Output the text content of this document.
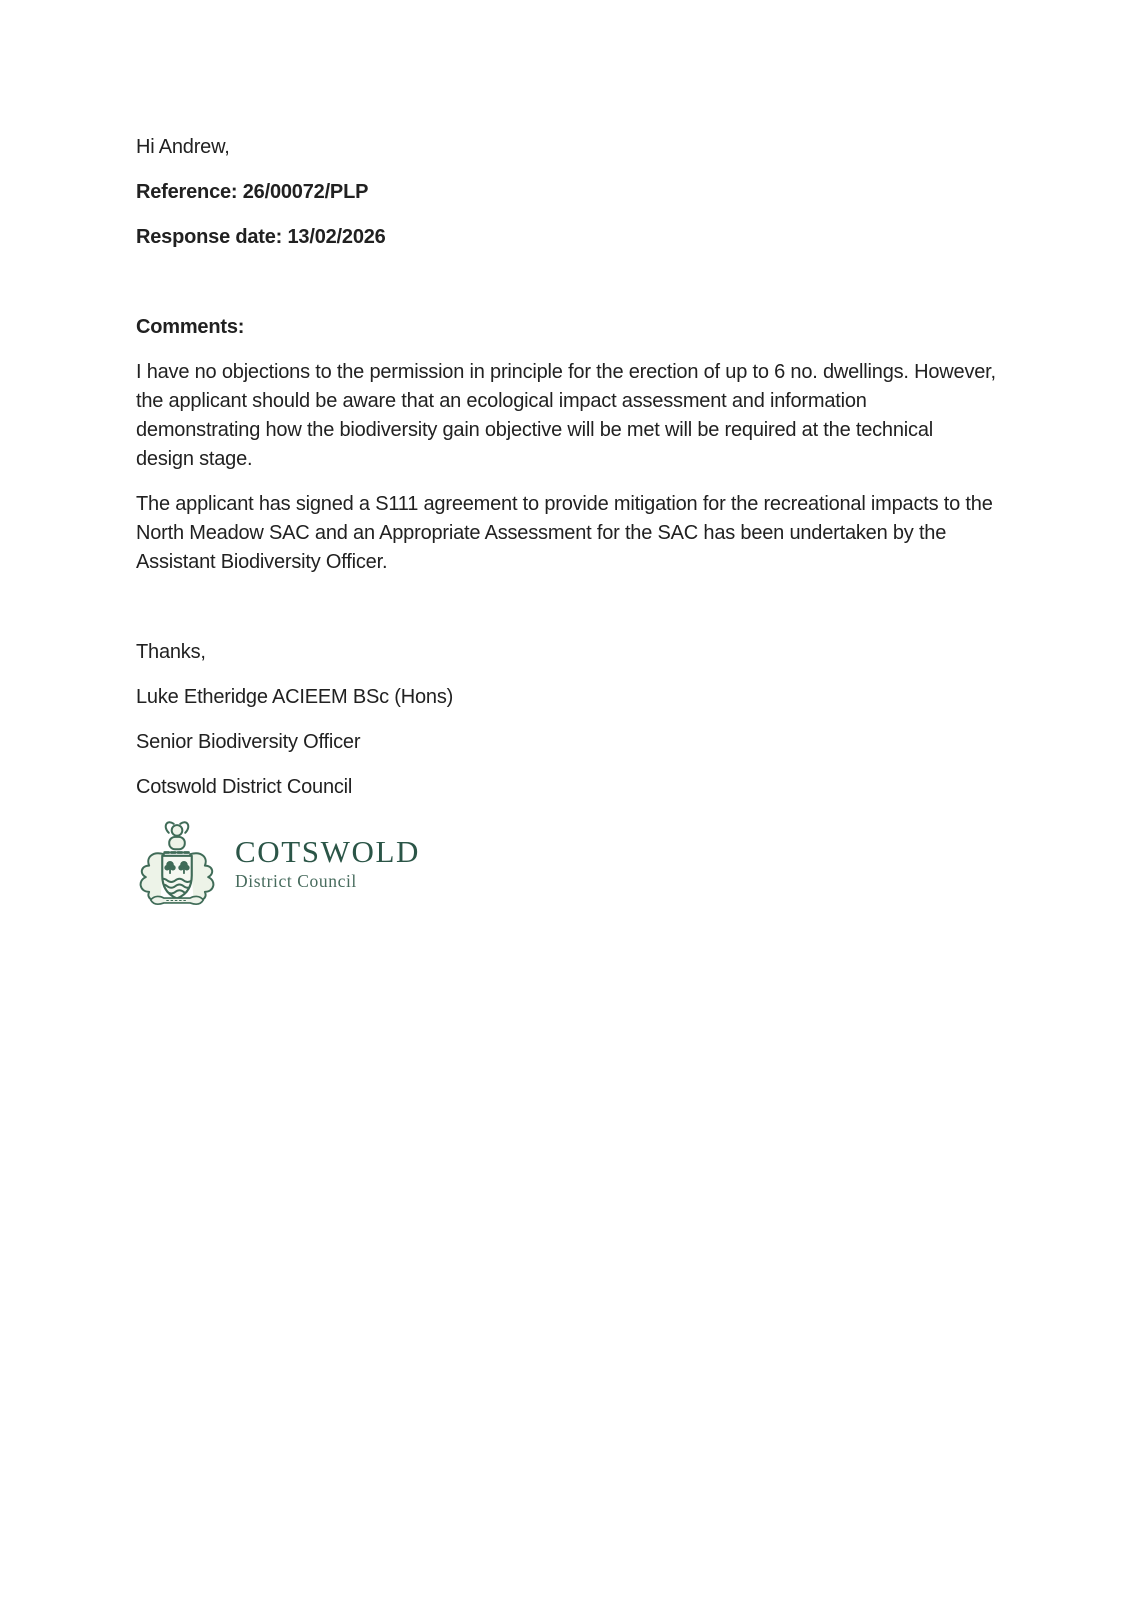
Hi Andrew,

Reference: 26/00072/PLP

Response date: 13/02/2026

Comments:

I have no objections to the permission in principle for the erection of up to 6 no. dwellings. However, the applicant should be aware that an ecological impact assessment and information demonstrating how the biodiversity gain objective will be met will be required at the technical design stage.

The applicant has signed a S111 agreement to provide mitigation for the recreational impacts to the North Meadow SAC and an Appropriate Assessment for the SAC has been undertaken by the Assistant Biodiversity Officer.

Thanks,

Luke Etheridge ACIEEM BSc (Hons)

Senior Biodiversity Officer

Cotswold District Council

COTSWOLD
District Council
